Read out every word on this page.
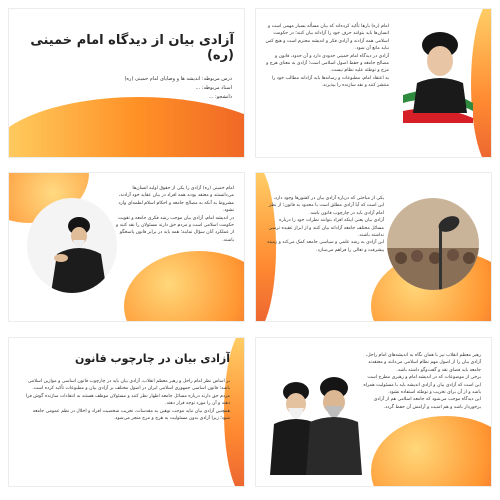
آزادی بیان از دیدگاه امام خمینی (ره)
درس مربوطه: اندیشه ها و وصایای امام خمینی (ره)
استاد مربوطه: ...
دانشجو: ...

امام (ره) بارها تأکید کرده‌اند که بیان مسأله بسیار مهمی است و انسان‌ها باید بتوانند حرف خود را آزادانه بیان کنند؛ در حکومت اسلامی همه آزادند و آزادی فکر و اندیشه محترم است و هیچ کس نباید مانع آن شود.

آزادی در دیدگاه امام خمینی حدودی دارد و آن حدود، قانون و مصالح جامعه و حفظ اصول اسلامی است؛ آزادی به معنای هرج و مرج و توطئه علیه نظام نیست.

به اعتقاد امام، مطبوعات و رسانه‌ها باید آزادانه مطالب خود را منتشر کنند و نقد سازنده را بپذیرند.

امام خمینی (ره) آزادی را یکی از حقوق اولیه انسان‌ها می‌دانستند و معتقد بودند همه افراد در بیان عقاید خود آزادند، مشروط به آنکه به مصالح جامعه و احکام اسلام لطمه‌ای وارد نشود.

در اندیشه امام، آزادی بیان موجب رشد فکری جامعه و تقویت حکومت اسلامی است و مردم حق دارند مسئولان را نقد کنند و از عملکرد آنان سؤال نمایند؛ همه باید در برابر قانون پاسخگو باشند.

یکی از مباحثی که درباره آزادی بیان در کشورها وجود دارد، این است که آیا آزادی مطلق است یا محدود به قانون؛ از نظر امام آزادی باید در چارچوب قانون باشد.

آزادی بیان یعنی اینکه افراد بتوانند نظرات خود را درباره مسائل مختلف جامعه آزادانه بیان کنند و از ابراز عقیده ترسی نداشته باشند.

این آزادی به رشد علمی و سیاسی جامعه کمک می‌کند و زمینه پیشرفت و تعالی را فراهم می‌سازد.

آزادی بیان در چارچوب قانون

بر اساس نظر امام راحل و رهبر معظم انقلاب، آزادی بیان باید در چارچوب قانون اساسی و موازین اسلامی باشد؛ قانون اساسی جمهوری اسلامی ایران در اصول مختلف بر آزادی بیان و مطبوعات تأکید کرده است.

مردم حق دارند درباره مسائل جامعه اظهار نظر کنند و مسئولان موظف هستند به انتقادات سازنده گوش فرا دهند و آن را مورد توجه قرار دهند.

همچنین آزادی بیان نباید موجب توهین به مقدسات، تخریب شخصیت افراد و اخلال در نظم عمومی جامعه شود؛ زیرا آزادی بدون مسئولیت به هرج و مرج منجر می‌شود.

رهبر معظم انقلاب نیز با همان نگاه به اندیشه‌های امام راحل، آزادی بیان را از اصول مهم نظام اسلامی می‌دانند و معتقدند جامعه باید فضای نقد و گفت‌وگو داشته باشد.

برخی از موضوعات که در اندیشه امام و رهبری مطرح است این است که آزادی بیان و آزادی اندیشه باید با مسئولیت همراه باشد و از آن برای تخریب و توطئه استفاده نشود.

این دیدگاه موجب می‌شود که جامعه اسلامی هم از آزادی برخوردار باشد و هم امنیت و آرامش آن حفظ گردد.
